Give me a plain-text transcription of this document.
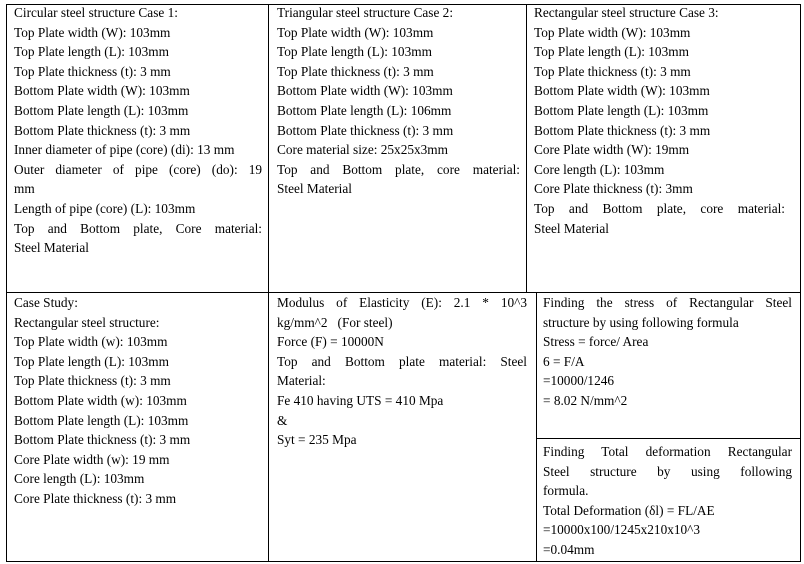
Circular steel structure Case 1:
Top Plate width (W): 103mm
Top Plate length (L): 103mm
Top Plate thickness (t): 3 mm
Bottom Plate width (W): 103mm
Bottom Plate length (L): 103mm
Bottom Plate thickness (t): 3 mm
Inner diameter of pipe (core) (di): 13 mm
Outer diameter of pipe (core) (do): 19
mm
Length of pipe (core) (L): 103mm
Top and Bottom plate, Core material:
Steel Material
Triangular steel structure Case 2:
Top Plate width (W): 103mm
Top Plate length (L): 103mm
Top Plate thickness (t): 3 mm
Bottom Plate width (W): 103mm
Bottom Plate length (L): 106mm
Bottom Plate thickness (t): 3 mm
Core material size: 25x25x3mm
Top and Bottom plate, core material:
Steel Material
Rectangular steel structure Case 3:
Top Plate width (W): 103mm
Top Plate length (L): 103mm
Top Plate thickness (t): 3 mm
Bottom Plate width (W): 103mm
Bottom Plate length (L): 103mm
Bottom Plate thickness (t): 3 mm
Core Plate width (W): 19mm
Core length (L): 103mm
Core Plate thickness (t): 3mm
Top and Bottom plate, core material:
Steel Material
Case Study:
Rectangular steel structure:
Top Plate width (w): 103mm
Top Plate length (L): 103mm
Top Plate thickness (t): 3 mm
Bottom Plate width (w): 103mm
Bottom Plate length (L): 103mm
Bottom Plate thickness (t): 3 mm
Core Plate width (w): 19 mm
Core length (L): 103mm
Core Plate thickness (t): 3 mm
Modulus of Elasticity (E): 2.1 * 10^3
kg/mm^2   (For steel)
Force (F) = 10000N
Top and Bottom plate material: Steel
Material:
Fe 410 having UTS = 410 Mpa
&
Syt = 235 Mpa
Finding the stress of Rectangular Steel
structure by using following formula
Stress = force/ Area
6 = F/A
=10000/1246
= 8.02 N/mm^2
Finding Total deformation Rectangular
Steel structure by using following
formula.
Total Deformation (δl) = FL/AE
=10000x100/1245x210x10^3
=0.04mm
